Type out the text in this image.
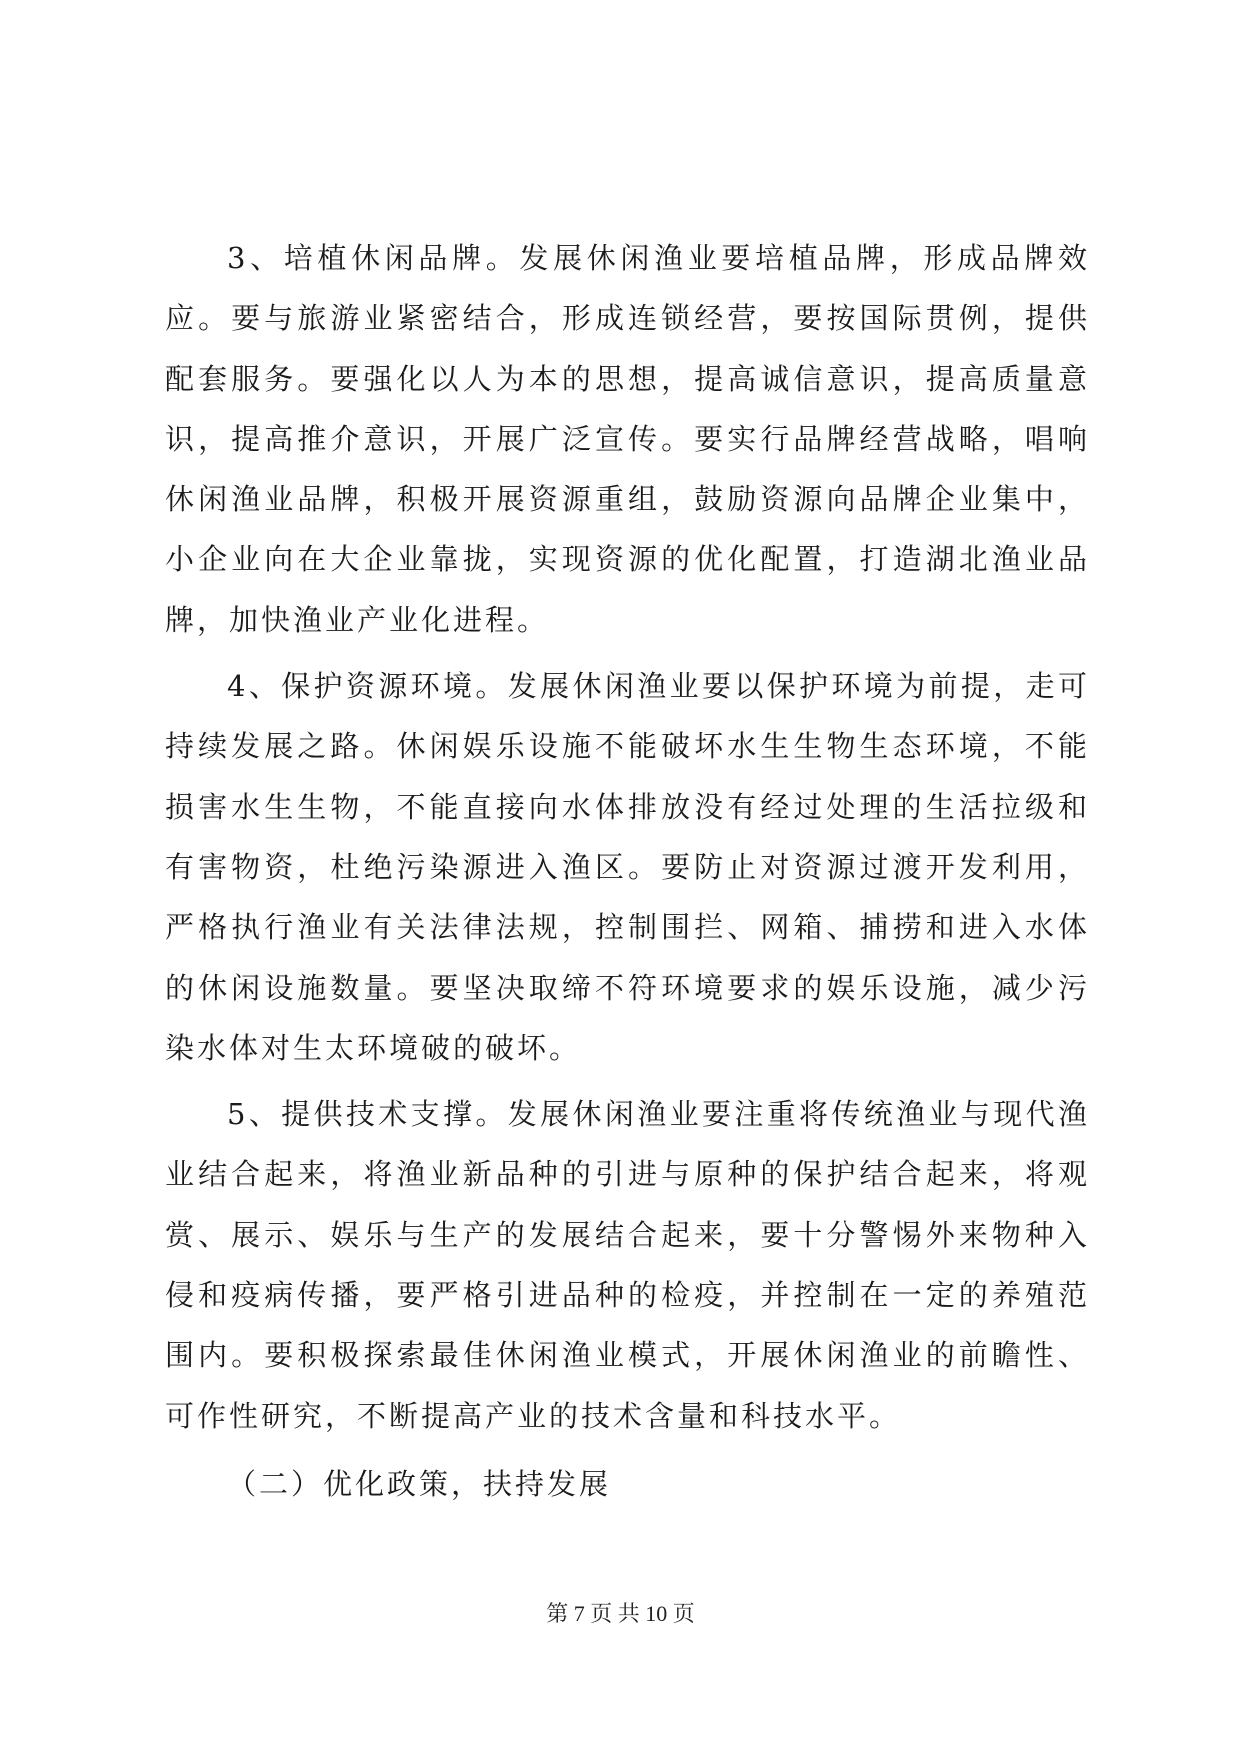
3、培植休闲品牌。发展休闲渔业要培植品牌，形成品牌效应。要与旅游业紧密结合，形成连锁经营，要按国际贯例，提供配套服务。要强化以人为本的思想，提高诚信意识，提高质量意识，提高推介意识，开展广泛宣传。要实行品牌经营战略，唱响休闲渔业品牌，积极开展资源重组，鼓励资源向品牌企业集中，小企业向在大企业靠拢，实现资源的优化配置，打造湖北渔业品牌，加快渔业产业化进程。

4、保护资源环境。发展休闲渔业要以保护环境为前提，走可持续发展之路。休闲娱乐设施不能破坏水生生物生态环境，不能损害水生生物，不能直接向水体排放没有经过处理的生活拉级和有害物资，杜绝污染源进入渔区。要防止对资源过渡开发利用，严格执行渔业有关法律法规，控制围拦、网箱、捕捞和进入水体的休闲设施数量。要坚决取缔不符环境要求的娱乐设施，减少污染水体对生太环境破的破坏。

5、提供技术支撑。发展休闲渔业要注重将传统渔业与现代渔业结合起来，将渔业新品种的引进与原种的保护结合起来，将观赏、展示、娱乐与生产的发展结合起来，要十分警惕外来物种入侵和疫病传播，要严格引进品种的检疫，并控制在一定的养殖范围内。要积极探索最佳休闲渔业模式，开展休闲渔业的前瞻性、可作性研究，不断提高产业的技术含量和科技水平。

（二）优化政策，扶持发展

第 7 页 共 10 页
